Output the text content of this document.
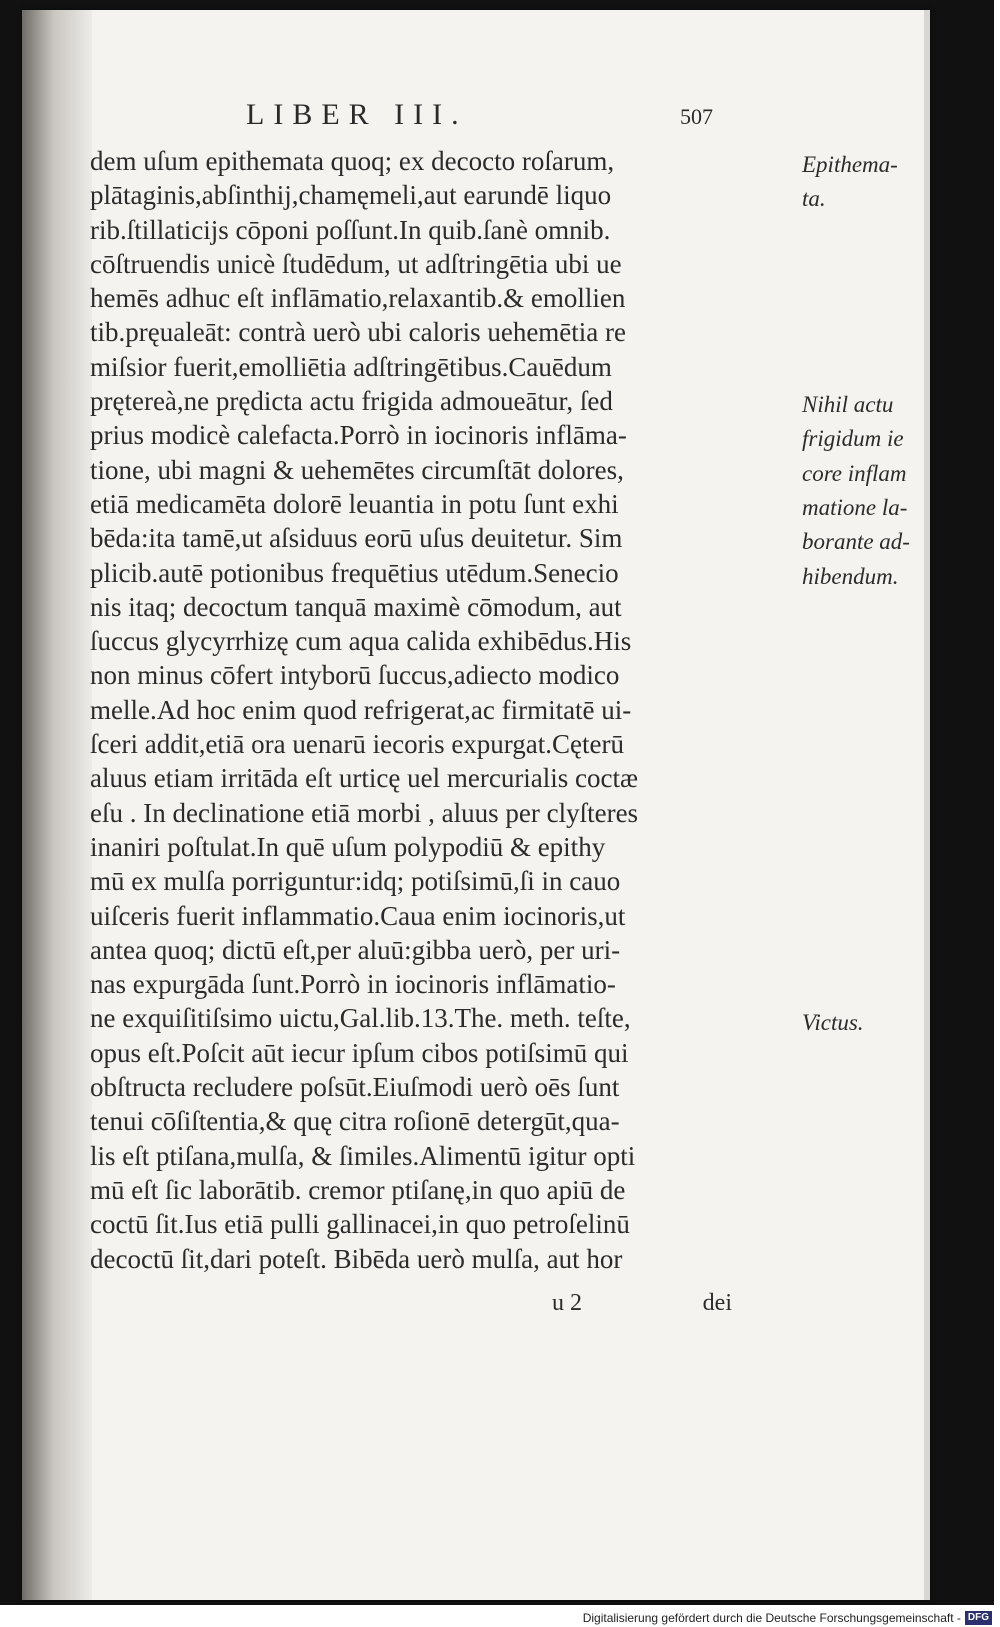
LIBER III.	507
dem uſum epithemata quoq; ex decocto roſarum,
plātaginis,abſinthij,chamęmeli,aut earundē liquo
rib.ſtillaticijs cōponi poſſunt.In quib.ſanè omnib.
cōſtruendis unicè ſtudēdum, ut adſtringētia ubi ue
hemēs adhuc eſt inflāmatio,relaxantib.& emollien
tib.pręualeāt: contrà uerò ubi caloris uehemētia re
miſsior fuerit,emolliētia adſtringētibus.Cauēdum
prętereà,ne prędicta actu frigida admoueātur, ſed
prius modicè calefacta.Porrò in iocinoris inflāma-
tione, ubi magni & uehemētes circumſtāt dolores,
etiā medicamēta dolorē leuantia in potu ſunt exhi
bēda:ita tamē,ut aſsiduus eorū uſus deuitetur. Sim
plicib.autē potionibus frequētius utēdum.Senecio
nis itaq; decoctum tanquā maximè cōmodum, aut
ſuccus glycyrrhizę cum aqua calida exhibēdus.His
non minus cōfert intyborū ſuccus,adiecto modico
melle.Ad hoc enim quod refrigerat,ac firmitatē ui-
ſceri addit,etiā ora uenarū iecoris expurgat.Cęterū
aluus etiam irritāda eſt urticę uel mercurialis coctæ
eſu . In declinatione etiā morbi , aluus per clyſteres
inaniri poſtulat.In quē uſum polypodiū & epithy
mū ex mulſa porriguntur:idq; potiſsimū,ſi in cauo
uiſceris fuerit inflammatio.Caua enim iocinoris,ut
antea quoq; dictū eſt,per aluū:gibba uerò, per uri-
nas expurgāda ſunt.Porrò in iocinoris inflāmatio-
ne exquiſitiſsimo uictu,Gal.lib.13.The. meth. teſte,
opus eſt.Poſcit aūt iecur ipſum cibos potiſsimū qui
obſtructa recludere poſsūt.Eiuſmodi uerò oēs ſunt
tenui cōſiſtentia,& quę citra roſionē detergūt,qua-
lis eſt ptiſana,mulſa, & ſimiles.Alimentū igitur opti
mū eſt ſic laborātib. cremor ptiſanę,in quo apiū de
coctū ſit.Ius etiā pulli gallinacei,in quo petroſelinū
decoctū ſit,dari poteſt. Bibēda uerò mulſa, aut hor
Epithema-
ta.
Nihil actu
frigidum ie
core inflam
matione la-
borante ad-
hibendum.
Victus.
u 2	dei
Digitalisierung gefördert durch die Deutsche Forschungsgemeinschaft - DFG
